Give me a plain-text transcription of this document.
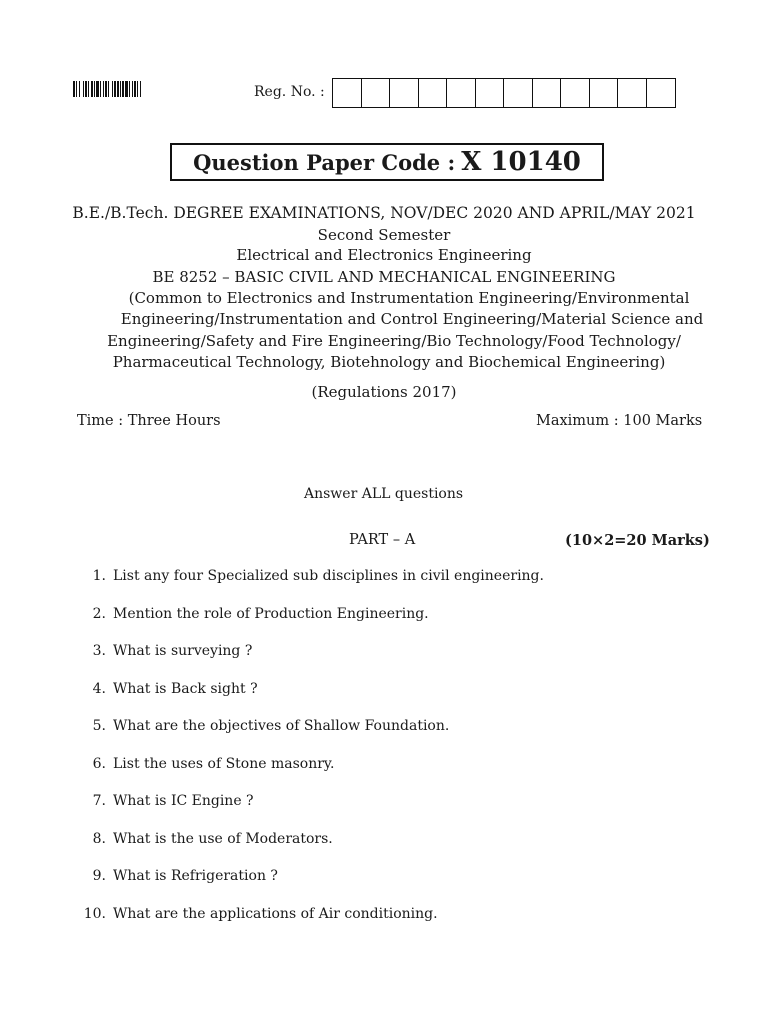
Reg. No. :
Question Paper Code : X 10140
B.E./B.Tech. DEGREE EXAMINATIONS, NOV/DEC 2020 AND APRIL/MAY 2021
Second Semester
Electrical and Electronics Engineering
BE 8252 – BASIC CIVIL AND MECHANICAL ENGINEERING
(Common to Electronics and Instrumentation Engineering/Environmental
Engineering/Instrumentation and Control Engineering/Material Science and
Engineering/Safety and Fire Engineering/Bio Technology/Food Technology/
Pharmaceutical Technology, Biotehnology and Biochemical Engineering)
(Regulations 2017)
Time : Three Hours	Maximum : 100 Marks
Answer ALL questions
PART – A	(10×2=20 Marks)
1. List any four Specialized sub disciplines in civil engineering.
2. Mention the role of Production Engineering.
3. What is surveying ?
4. What is Back sight ?
5. What are the objectives of Shallow Foundation.
6. List the uses of Stone masonry.
7. What is IC Engine ?
8. What is the use of Moderators.
9. What is Refrigeration ?
10. What are the applications of Air conditioning.
